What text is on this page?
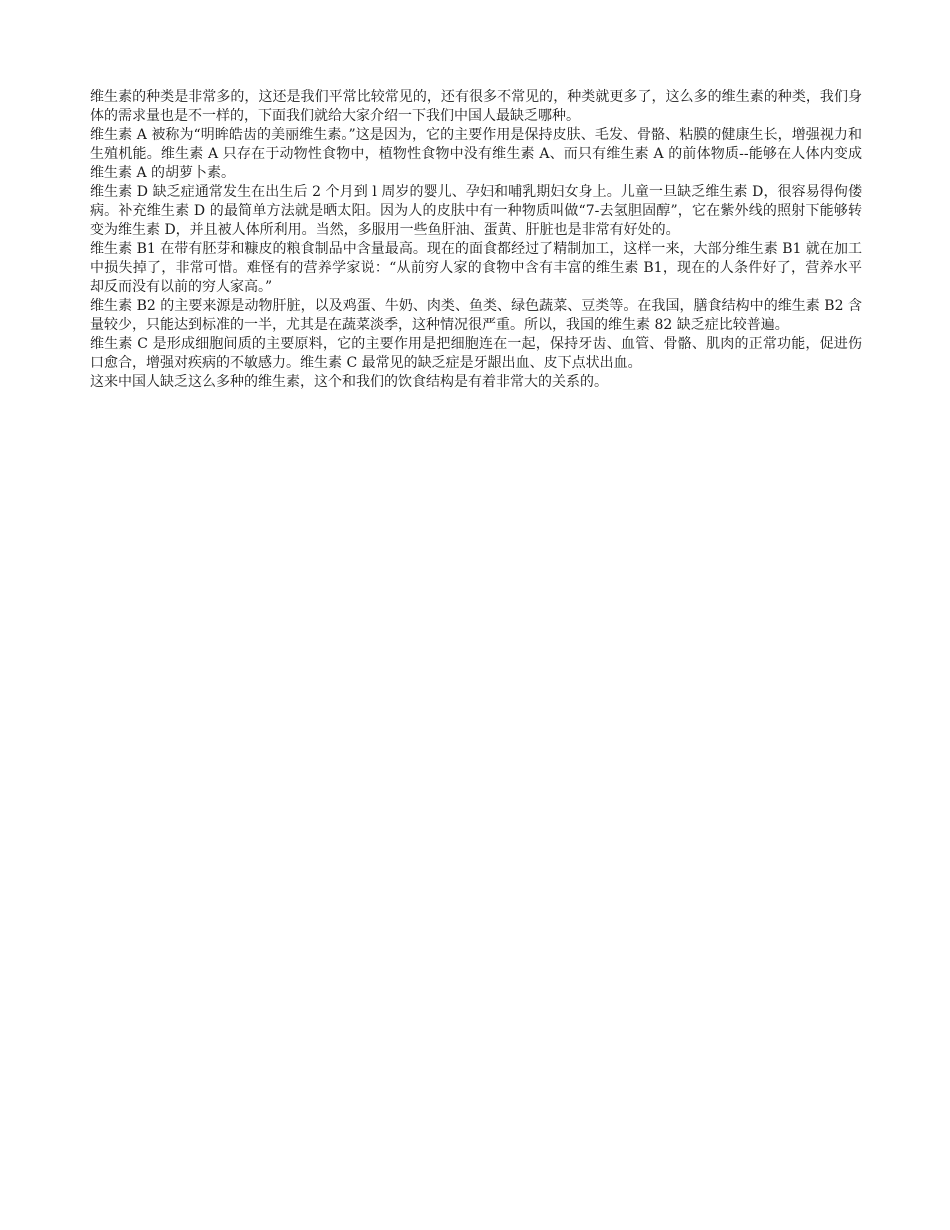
维生素的种类是非常多的，这还是我们平常比较常见的，还有很多不常见的，种类就更多了，这么多的维生素的种类，我们身体的需求量也是不一样的，下面我们就给大家介绍一下我们中国人最缺乏哪种。

维生素 A 被称为“明眸皓齿的美丽维生素。”这是因为，它的主要作用是保持皮肤、毛发、骨骼、粘膜的健康生长，增强视力和生殖机能。维生素 A 只存在于动物性食物中，植物性食物中没有维生素 A、而只有维生素 A 的前体物质--能够在人体内变成维生素 A 的胡萝卜素。

维生素 D 缺乏症通常发生在出生后 2 个月到 l 周岁的婴儿、孕妇和哺乳期妇女身上。儿童一旦缺乏维生素 D，很容易得佝偻病。补充维生素 D 的最简单方法就是晒太阳。因为人的皮肤中有一种物质叫做“7-去氢胆固醇”，它在紫外线的照射下能够转变为维生素 D，并且被人体所利用。当然，多服用一些鱼肝油、蛋黄、肝脏也是非常有好处的。

维生素 B1 在带有胚芽和糠皮的粮食制品中含量最高。现在的面食都经过了精制加工，这样一来，大部分维生素 B1 就在加工中损失掉了，非常可惜。难怪有的营养学家说：“从前穷人家的食物中含有丰富的维生素 B1，现在的人条件好了，营养水平却反而没有以前的穷人家高。”

维生素 B2 的主要来源是动物肝脏，以及鸡蛋、牛奶、肉类、鱼类、绿色蔬菜、豆类等。在我国，膳食结构中的维生素 B2 含量较少，只能达到标准的一半，尤其是在蔬菜淡季，这种情况很严重。所以，我国的维生素 82 缺乏症比较普遍。

维生素 C 是形成细胞间质的主要原料，它的主要作用是把细胞连在一起，保持牙齿、血管、骨骼、肌肉的正常功能，促进伤口愈合，增强对疾病的不敏感力。维生素 C 最常见的缺乏症是牙龈出血、皮下点状出血。

这来中国人缺乏这么多种的维生素，这个和我们的饮食结构是有着非常大的关系的。
